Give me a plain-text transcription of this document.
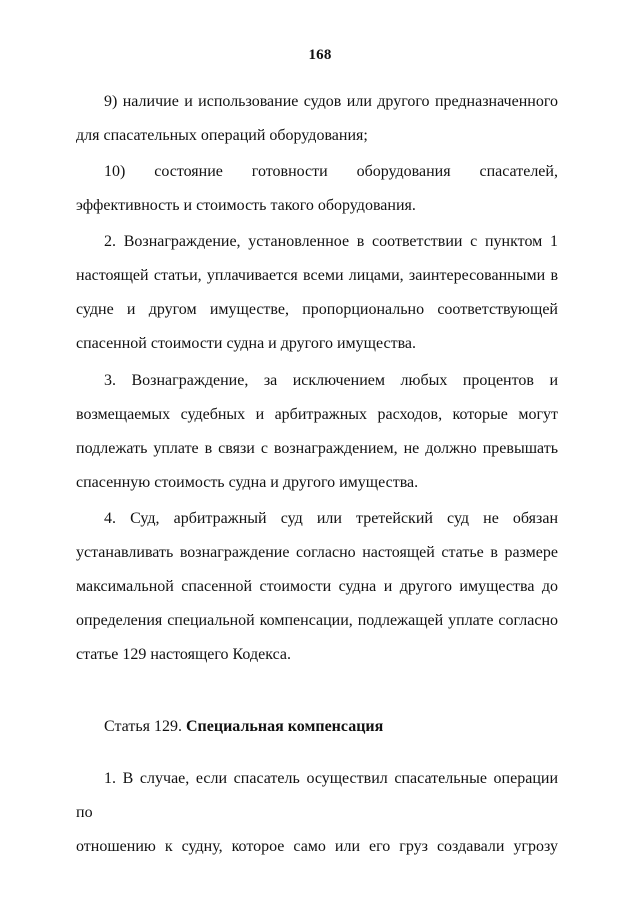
168
9) наличие и использование судов или другого предназначенного
для спасательных операций оборудования;
10) состояние готовности оборудования спасателей,
эффективность и стоимость такого оборудования.
2. Вознаграждение, установленное в соответствии с пунктом 1
настоящей статьи, уплачивается всеми лицами, заинтересованными в
судне и другом имуществе, пропорционально соответствующей
спасенной стоимости судна и другого имущества.
3. Вознаграждение, за исключением любых процентов и
возмещаемых судебных и арбитражных расходов, которые могут
подлежать уплате в связи с вознаграждением, не должно превышать
спасенную стоимость судна и другого имущества.
4. Суд, арбитражный суд или третейский суд не обязан
устанавливать вознаграждение согласно настоящей статье в размере
максимальной спасенной стоимости судна и другого имущества до
определения специальной компенсации, подлежащей уплате согласно
статье 129 настоящего Кодекса.
Статья 129. Специальная компенсация
1. В случае, если спасатель осуществил спасательные операции по
отношению к судну, которое само или его груз создавали угрозу
